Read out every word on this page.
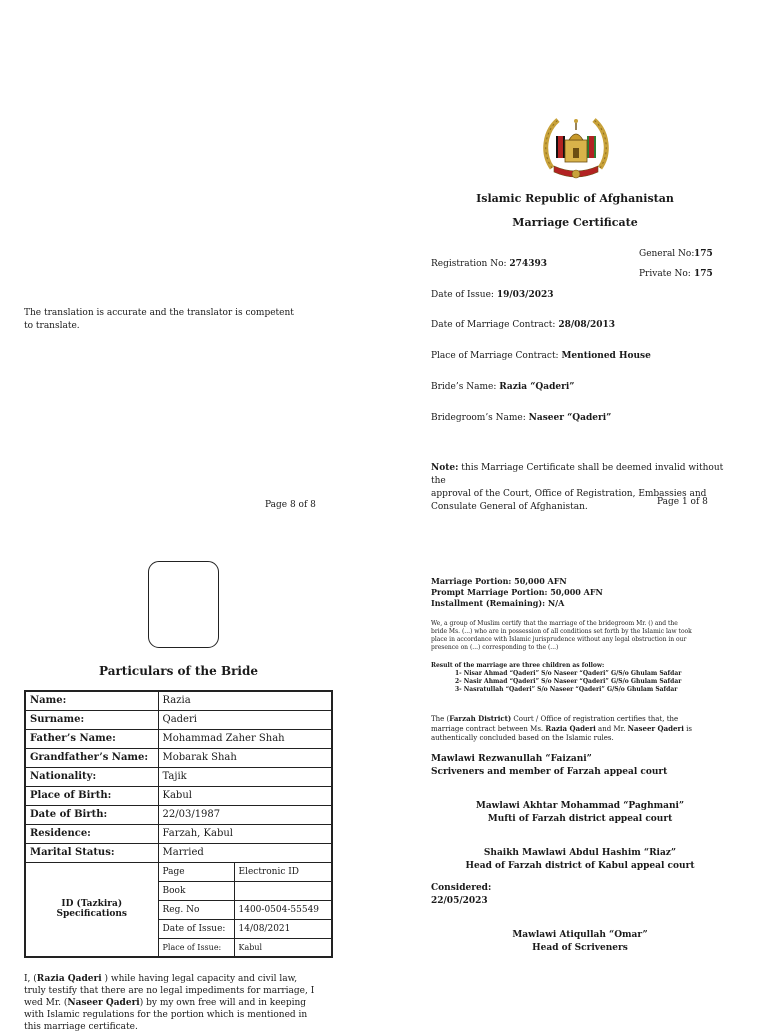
The translation is accurate and the translator is competent to translate.
Page 8 of 8
Islamic Republic of Afghanistan
Marriage Certificate
General No: 175
Private No: 175
Registration No: 274393
Date of Issue: 19/03/2023
Date of Marriage Contract: 28/08/2013
Place of Marriage Contract: Mentioned House
Bride’s Name: Razia “Qaderi”
Bridegroom’s Name: Naseer “Qaderi”
Note: this Marriage Certificate shall be deemed invalid without the
approval of the Court, Office of Registration, Embassies and
Consulate General of Afghanistan.	Page 1 of 8
Particulars of the Bride
Name:	Razia	
Surname:	Qaderi	
Father’s Name:	Mohammad Zaher Shah	
Grandfather’s Name:	Mobarak Shah	
Nationality:	Tajik	
Place of Birth:	Kabul	
Date of Birth:	22/03/1987	
Residence:	Farzah, Kabul	
Marital Status:	Married	

ID (Tazkira)
Specifications	Page	Electronic ID
	Book	
	Reg. No	1400-0504-55549
	Date of Issue:	14/08/2021
	Place of Issue:	Kabul
I, (Razia Qaderi ) while having legal capacity and civil law,
truly testify that there are no legal impediments for marriage, I
wed Mr. (Naseer Qaderi) by my own free will and in keeping
with Islamic regulations for the portion which is mentioned in
this marriage certificate.
Marriage Portion: 50,000 AFN
Prompt Marriage Portion: 50,000 AFN
Installment (Remaining): N/A
We, a group of Muslim certify that the marriage of the bridegroom Mr. () and the
bride Ms. (...) who are in possession of all conditions set forth by the Islamic law took
place in accordance with Islamic jurisprudence without any legal obstruction in our
presence on (...) corresponding to the (...)
Result of the marriage are three children as follow:
1- Nisar Ahmad “Qaderi” S/o Naseer “Qaderi” G/S/o Ghulam Safdar
2- Nasir Ahmad “Qaderi” S/o Naseer “Qaderi” G/S/o Ghulam Safdar
3- Nasratullah “Qaderi” S/o Naseer “Qaderi” G/S/o Ghulam Safdar
The (Farzah District) Court / Office of registration certifies that, the
marriage contract between Ms. Razia Qaderi and Mr. Naseer Qaderi is
authentically concluded based on the Islamic rules.
Mawlawi Rezwanullah “Faizani”
Scriveners and member of Farzah appeal court
Mawlawi Akhtar Mohammad “Paghmani”
Mufti of Farzah district appeal court
Shaikh Mawlawi Abdul Hashim “Riaz”
Head of Farzah district of Kabul appeal court
Considered:
22/05/2023
Mawlawi Atiqullah “Omar”
Head of Scriveners
